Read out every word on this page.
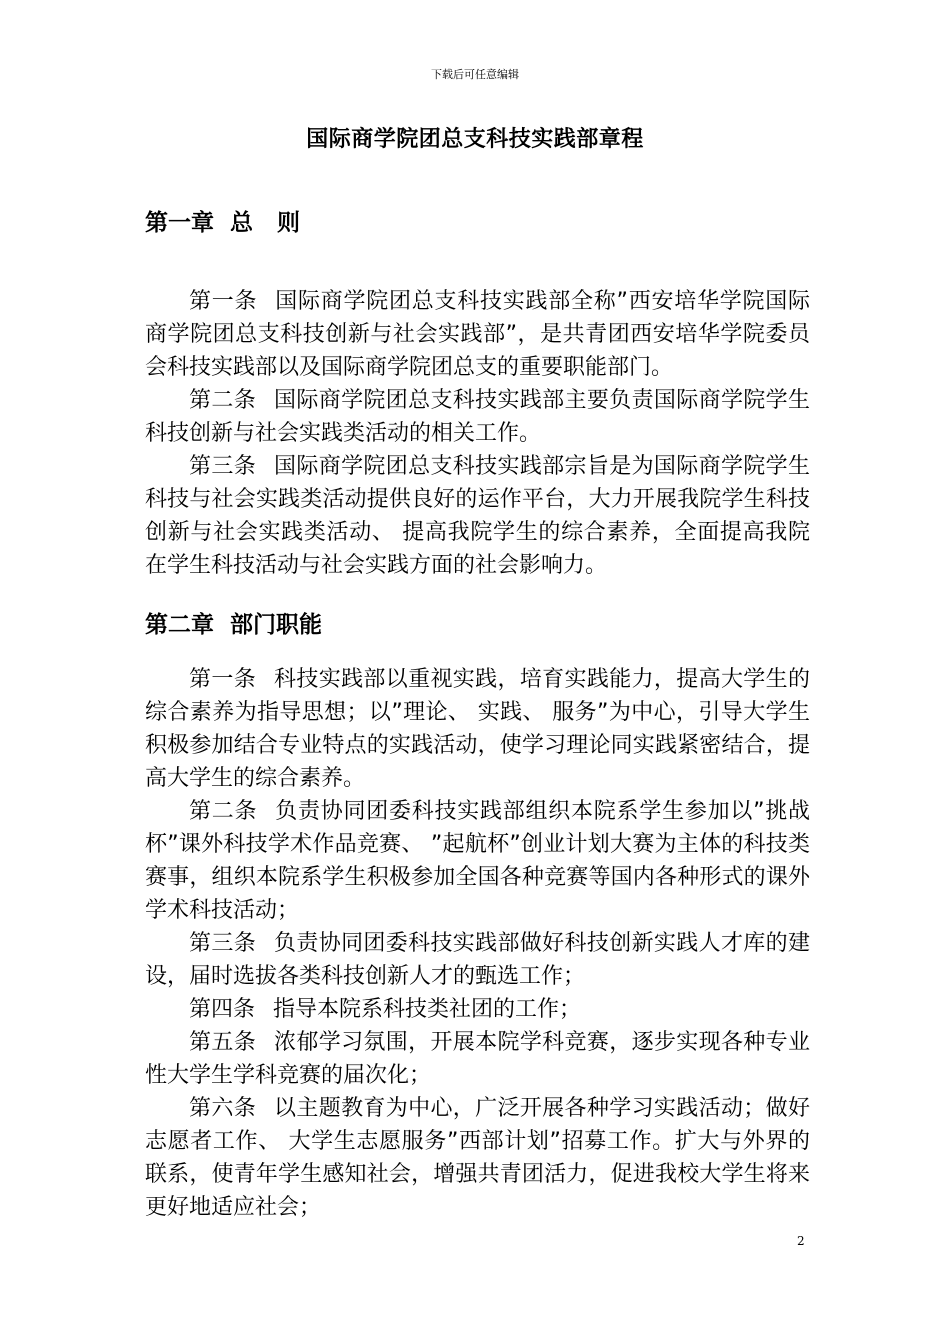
下载后可任意编辑
国际商学院团总支科技实践部章程
第一章  总   则

第一条 国际商学院团总支科技实践部全称”西安培华学院国际商学院团总支科技创新与社会实践部”，是共青团西安培华学院委员会科技实践部以及国际商学院团总支的重要职能部门。

第二条 国际商学院团总支科技实践部主要负责国际商学院学生科技创新与社会实践类活动的相关工作。

第三条 国际商学院团总支科技实践部宗旨是为国际商学院学生科技与社会实践类活动提供良好的运作平台，大力开展我院学生科技创新与社会实践类活动、 提高我院学生的综合素养，全面提高我院在学生科技活动与社会实践方面的社会影响力。

第二章  部门职能

第一条 科技实践部以重视实践，培育实践能力，提高大学生的综合素养为指导思想；以”理论、 实践、 服务”为中心，引导大学生积极参加结合专业特点的实践活动，使学习理论同实践紧密结合，提高大学生的综合素养。

第二条 负责协同团委科技实践部组织本院系学生参加以”挑战杯”课外科技学术作品竞赛、 ”起航杯”创业计划大赛为主体的科技类赛事，组织本院系学生积极参加全国各种竞赛等国内各种形式的课外学术科技活动；

第三条 负责协同团委科技实践部做好科技创新实践人才库的建设，届时选拔各类科技创新人才的甄选工作；

第四条 指导本院系科技类社团的工作；

第五条 浓郁学习氛围，开展本院学科竞赛，逐步实现各种专业性大学生学科竞赛的届次化；

第六条 以主题教育为中心，广泛开展各种学习实践活动；做好志愿者工作、 大学生志愿服务”西部计划”招募工作。扩大与外界的联系，使青年学生感知社会，增强共青团活力，促进我校大学生将来更好地适应社会；

2
